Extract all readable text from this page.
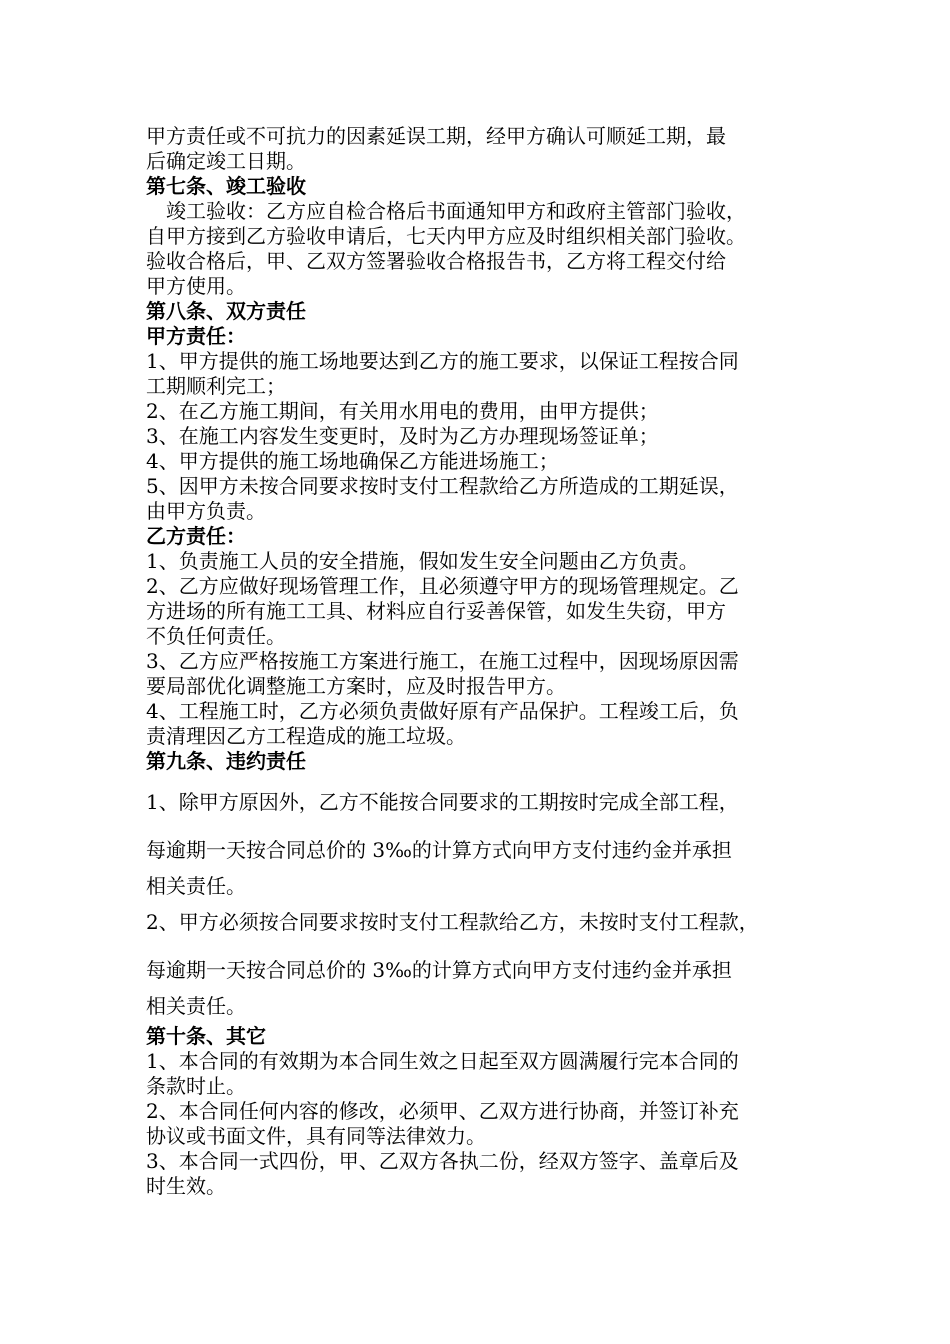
甲方责任或不可抗力的因素延误工期，经甲方确认可顺延工期，最

后确定竣工日期。

第七条、竣工验收

竣工验收：乙方应自检合格后书面通知甲方和政府主管部门验收，

自甲方接到乙方验收申请后，七天内甲方应及时组织相关部门验收。

验收合格后，甲、乙双方签署验收合格报告书，乙方将工程交付给

甲方使用。

第八条、双方责任

甲方责任：

1、甲方提供的施工场地要达到乙方的施工要求，以保证工程按合同

工期顺利完工；

2、在乙方施工期间，有关用水用电的费用，由甲方提供；

3、在施工内容发生变更时，及时为乙方办理现场签证单；

4、甲方提供的施工场地确保乙方能进场施工；

5、因甲方未按合同要求按时支付工程款给乙方所造成的工期延误，

由甲方负责。

乙方责任：

1、负责施工人员的安全措施，假如发生安全问题由乙方负责。

2、乙方应做好现场管理工作，且必须遵守甲方的现场管理规定。乙

方进场的所有施工工具、材料应自行妥善保管，如发生失窃，甲方

不负任何责任。

3、乙方应严格按施工方案进行施工，在施工过程中，因现场原因需

要局部优化调整施工方案时，应及时报告甲方。

4、工程施工时，乙方必须负责做好原有产品保护。工程竣工后，负

责清理因乙方工程造成的施工垃圾。

第九条、违约责任

1、除甲方原因外，乙方不能按合同要求的工期按时完成全部工程，

每逾期一天按合同总价的 3‰的计算方式向甲方支付违约金并承担

相关责任。

2、甲方必须按合同要求按时支付工程款给乙方，未按时支付工程款，

每逾期一天按合同总价的 3‰的计算方式向甲方支付违约金并承担

相关责任。

第十条、其它

1、本合同的有效期为本合同生效之日起至双方圆满履行完本合同的

条款时止。

2、本合同任何内容的修改，必须甲、乙双方进行协商，并签订补充

协议或书面文件，具有同等法律效力。

3、本合同一式四份，甲、乙双方各执二份，经双方签字、盖章后及

时生效。
